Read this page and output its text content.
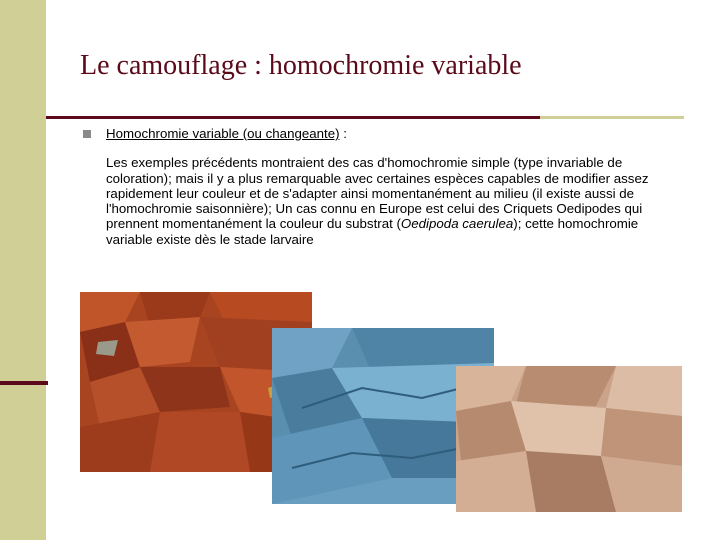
Le camouflage : homochromie variable
Homochromie variable (ou changeante) :
Les exemples précédents montraient des cas d'homochromie simple (type invariable de coloration); mais il y a plus remarquable avec certaines espèces capables de modifier assez rapidement leur couleur et de s'adapter ainsi momentanément au milieu (il existe aussi de l'homochromie saisonnière); Un cas connu en Europe est celui des Criquets Oedipodes qui prennent momentanément la couleur du substrat (Oedipoda caerulea); cette homochromie variable existe dès le stade larvaire
